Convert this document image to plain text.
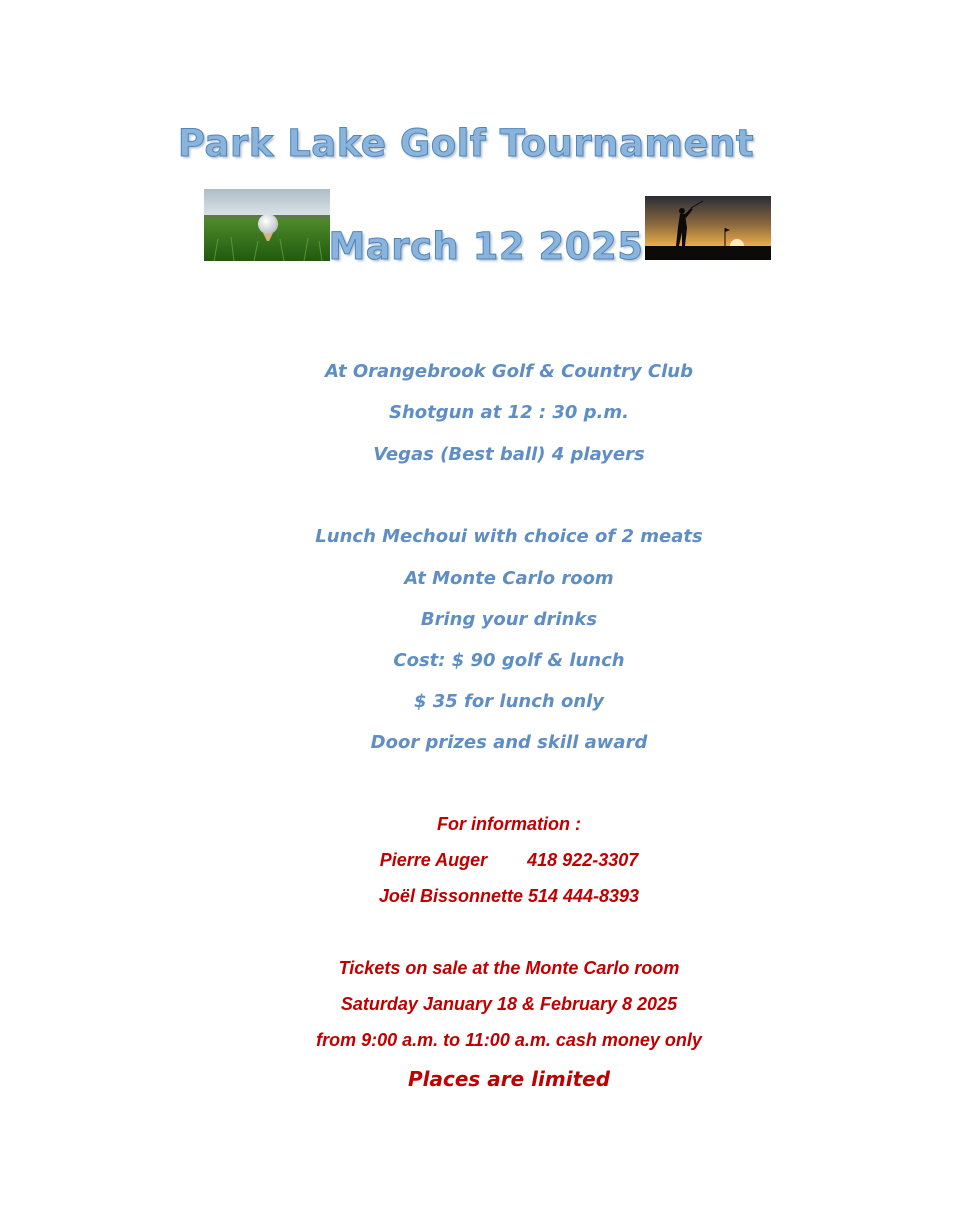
Park Lake Golf Tournament
March 12 2025
At Orangebrook Golf & Country Club
Shotgun at 12 : 30 p.m.
Vegas (Best ball) 4 players
Lunch Mechoui with choice of 2 meats
At Monte Carlo room
Bring your drinks
Cost: $ 90 golf & lunch
$ 35 for lunch only
Door prizes and skill award
For information :
Pierre Auger        418 922-3307
Joël Bissonnette 514 444-8393
Tickets on sale at the Monte Carlo room
Saturday January 18 & February 8 2025
from 9:00 a.m. to 11:00 a.m. cash money only
Places are limited
